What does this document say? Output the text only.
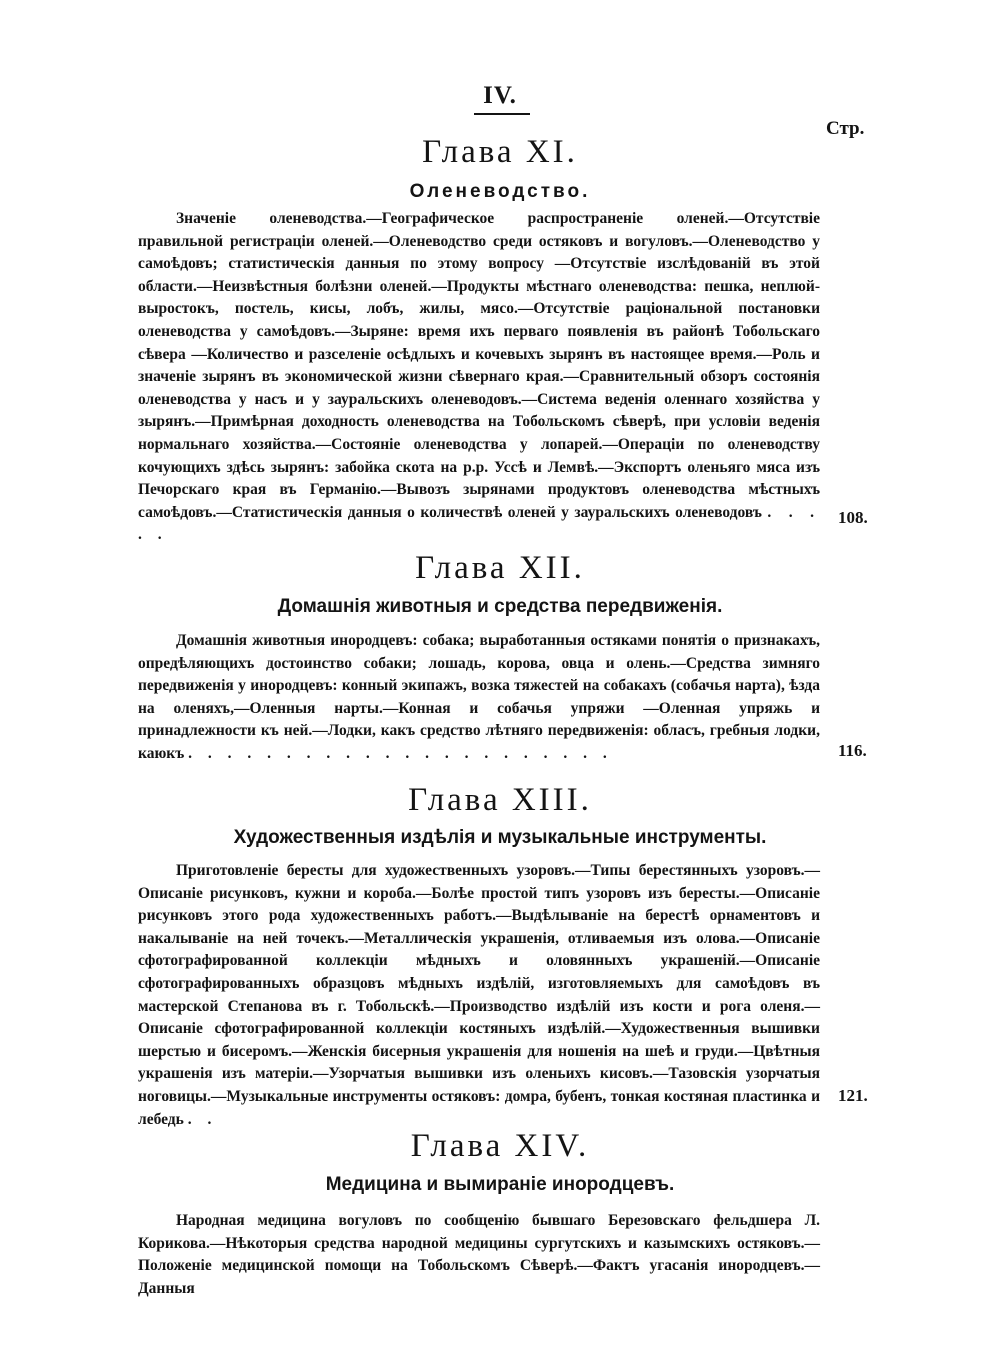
IV.
Стр.
Глава XI.
Оленеводство.
Значеніе оленеводства.—Географическое распространеніе оленей.—Отсутствіе правильной регистраціи оленей.—Оленеводство среди остяковъ и вогуловъ.—Оленеводство у самоѣдовъ; статистическія данныя по этому вопросу —Отсутствіе изслѣдованій въ этой области.—Неизвѣстныя болѣзни оленей.—Продукты мѣстнаго оленеводства: пешка, неплюй-выростокъ, постель, кисы, лобъ, жилы, мясо.—Отсутствіе раціональной постановки оленеводства у самоѣдовъ.—Зыряне: время ихъ перваго появленія въ районѣ Тобольскаго сѣвера —Количество и разселеніе осѣдлыхъ и кочевыхъ зырянъ въ настоящее время.—Роль и значеніе зырянъ въ экономической жизни сѣвернаго края.—Сравнительный обзоръ состоянія оленеводства у насъ и у зауральскихъ оленеводовъ.—Система веденія оленнаго хозяйства у зырянъ.—Примѣрная доходность оленеводства на Тобольскомъ сѣверѣ, при условіи веденія нормальнаго хозяйства.—Состояніе оленеводства у лопарей.—Операціи по оленеводству кочующихъ здѣсь зырянъ: забойка скота на р.р. Уссѣ и Лемвѣ.—Экспортъ оленьяго мяса изъ Печорскаго края въ Германію.—Вывозъ зырянами продуктовъ оленеводства мѣстныхъ самоѣдовъ.—Статистическія данныя о количествѣ оленей у зауральскихъ оленеводовъ . . . . .
108.
Глава XII.
Домашнія животныя и средства передвиженія.
Домашнія животныя инородцевъ: собака; выработанныя остяками понятія о признакахъ, опредѣляющихъ достоинство собаки; лошадь, корова, овца и олень.—Средства зимняго передвиженія у инородцевъ: конный экипажъ, возка тяжестей на собакахъ (собачья нарта), ѣзда на оленяхъ,—Оленныя нарты.—Конная и собачья упряжи —Оленная упряжь и принадлежности къ ней.—Лодки, какъ средство лѣтняго передвиженія: обласъ, гребныя лодки, каюкъ . . . . . . . . . . . . . . . . . . . . . .	116.
Глава XIII.
Художественныя издѣлія и музыкальные инструменты.
Приготовленіе бересты для художественныхъ узоровъ.—Типы берестянныхъ узоровъ.—Описаніе рисунковъ, кужни и короба.—Болѣе простой типъ узоровъ изъ бересты.—Описаніе рисунковъ этого рода художественныхъ работъ.—Выдѣлываніе на берестѣ орнаментовъ и накалываніе на ней точекъ.—Металлическія украшенія, отливаемыя изъ олова.—Описаніе сфотографированной коллекціи мѣдныхъ и оловянныхъ украшеній.—Описаніе сфотографированныхъ образцовъ мѣдныхъ издѣлій, изготовляемыхъ для самоѣдовъ въ мастерской Степанова въ г. Тобольскѣ.—Производство издѣлій изъ кости и рога оленя.—Описаніе сфотографированной коллекціи костяныхъ издѣлій.—Художественныя вышивки шерстью и бисеромъ.—Женскія бисерныя украшенія для ношенія на шеѣ и груди.—Цвѣтныя украшенія изъ матеріи.—Узорчатыя вышивки изъ оленьихъ кисовъ.—Тазовскія узорчатыя ноговицы.—Музыкальные инструменты остяковъ: домра, бубенъ, тонкая костяная пластинка и лебедь . .
121.
Глава XIV.
Медицина и вымираніе инородцевъ.
Народная медицина вогуловъ по сообщенію бывшаго Березовскаго фельдшера Л. Корикова.—Нѣкоторыя средства народной медицины сургутскихъ и казымскихъ остяковъ.—Положеніе медицинской помощи на Тобольскомъ Сѣверѣ.—Фактъ угасанія инородцевъ.—Данныя
